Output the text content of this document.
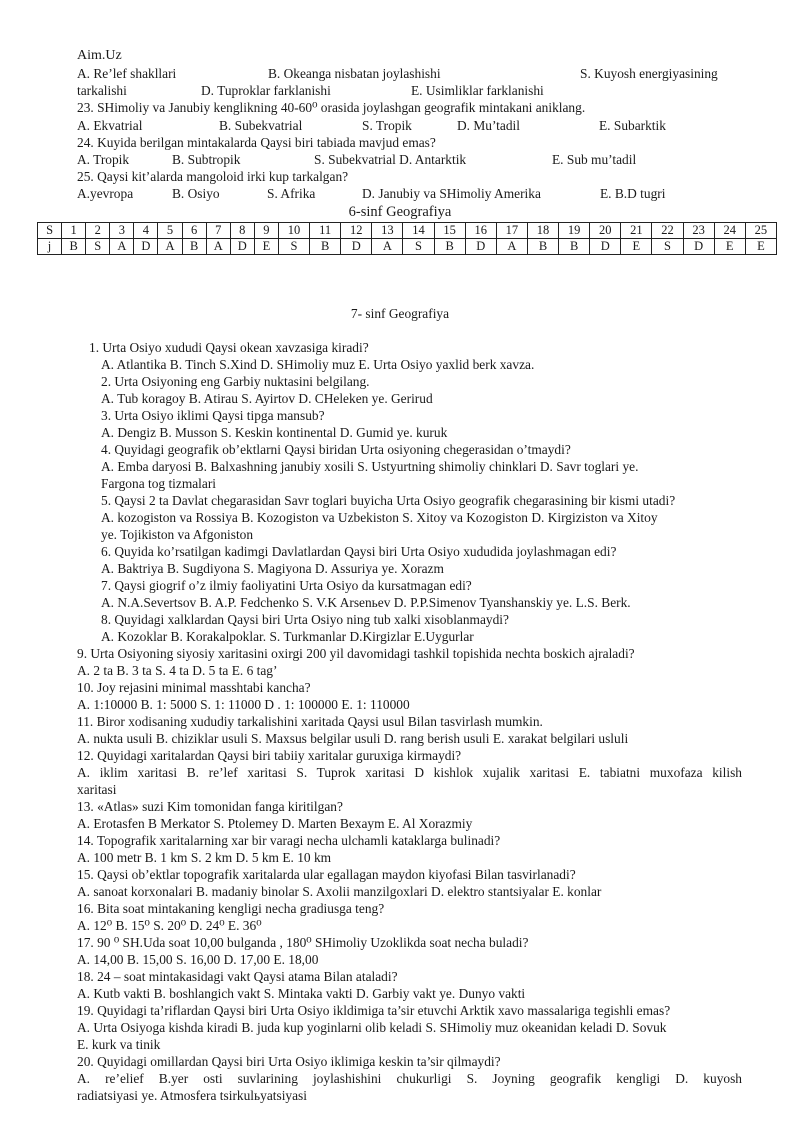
Aim.Uz
A. Re’lef shakllari	B. Okeanga nisbatan joylashishi	S. Kuyosh energiyasining
tarkalishi	D. Tuproklar farklanishi	E. Usimliklar farklanishi
23. SHimoliy va Janubiy kenglikning 40-60⁰ orasida joylashgan geografik mintakani aniklang.
A. Ekvatrial	B. Subekvatrial	S. Tropik	D. Mu’tadil	E. Subarktik
24. Kuyida berilgan mintakalarda Qaysi biri tabiada mavjud emas?
A. Tropik	B. Subtropik	S. Subekvatrial D. Antarktik	E. Sub mu’tadil
25. Qaysi kit’alarda mangoloid irki kup tarkalgan?
A.yevropa	B. Osiyo	S. Afrika	D. Janubiy va SHimoliy Amerika	E. B.D tugri
6-sinf Geografiya
S	1	2	3	4	5	6	7	8	9	10	11	12	13	14	15	16	17	18	19	20	21	22	23	24	25
j	B	S	A	D	A	B	A	D	E	S	B	D	A	S	B	D	A	B	B	D	E	S	D	E	E
7- sinf Geografiya
1. Urta Osiyo xududi Qaysi okean xavzasiga kiradi?
A. Atlantika B. Tinch S.Xind D. SHimoliy muz E. Urta Osiyo yaxlid berk xavza.
2. Urta Osiyoning eng Garbiy nuktasini belgilang.
A. Tub koragoy B. Atirau S. Ayirtov D. CHeleken ye. Gerirud
3. Urta Osiyo iklimi Qaysi tipga mansub?
A. Dengiz B. Musson S. Keskin kontinental D. Gumid ye. kuruk
4. Quyidagi geografik ob’ektlarni Qaysi biridan Urta osiyoning chegerasidan o’tmaydi?
A. Emba daryosi B. Balxashning janubiy xosili S. Ustyurtning shimoliy chinklari D. Savr toglari ye.
Fargona tog tizmalari
5. Qaysi 2 ta Davlat chegarasidan Savr toglari buyicha Urta Osiyo geografik chegarasining bir kismi utadi?
A. kozogiston va Rossiya B. Kozogiston va Uzbekiston S. Xitoy va Kozogiston D. Kirgiziston va Xitoy
ye. Tojikiston va Afgoniston
6. Quyida ko’rsatilgan kadimgi Davlatlardan Qaysi biri Urta Osiyo xududida joylashmagan edi?
A. Baktriya B. Sugdiyona S. Magiyona D. Assuriya ye. Xorazm
7. Qaysi giogrif o’z ilmiy faoliyatini Urta Osiyo da kursatmagan edi?
A. N.A.Severtsov B. A.P. Fedchenko S. V.K Arsenьev D. P.P.Simenov Tyanshanskiy ye. L.S. Berk.
8. Quyidagi xalklardan Qaysi biri Urta Osiyo ning tub xalki xisoblanmaydi?
A. Kozoklar B. Korakalpoklar. S. Turkmanlar D.Kirgizlar E.Uygurlar
9. Urta Osiyoning siyosiy xaritasini oxirgi 200 yil davomidagi tashkil topishida nechta boskich ajraladi?
A. 2 ta B. 3 ta S. 4 ta D. 5 ta E. 6 tag’
10. Joy rejasini minimal masshtabi kancha?
A. 1:10000 B. 1: 5000 S. 1: 11000 D . 1: 100000 E. 1: 110000
11. Biror xodisaning xududiy tarkalishini xaritada Qaysi usul Bilan tasvirlash mumkin.
A. nukta usuli B. chiziklar usuli S. Maxsus belgilar usuli D. rang berish usuli E. xarakat belgilari usluli
12. Quyidagi xaritalardan Qaysi biri tabiiy xaritalar guruxiga kirmaydi?
A. iklim xaritasi B. re’lef xaritasi S. Tuprok xaritasi D kishlok xujalik xaritasi E. tabiatni muxofaza kilish
xaritasi
13. «Atlas» suzi Kim tomonidan fanga kiritilgan?
A. Erotasfen B Merkator S. Ptolemey D. Marten Bexaym E. Al Xorazmiy
14. Topografik xaritalarning xar bir varagi necha ulchamli kataklarga bulinadi?
A. 100 metr B. 1 km S. 2 km D. 5 km E. 10 km
15. Qaysi ob’ektlar topografik xaritalarda ular egallagan maydon kiyofasi Bilan tasvirlanadi?
A. sanoat korxonalari B. madaniy binolar S. Axolii manzilgoxlari D. elektro stantsiyalar E. konlar
16. Bita soat mintakaning kengligi necha gradiusga teng?
A. 12⁰ B. 15⁰ S. 20⁰ D. 24⁰ E. 36⁰
17. 90 ⁰ SH.Uda soat 10,00 bulganda , 180⁰ SHimoliy Uzoklikda soat necha buladi?
A. 14,00 B. 15,00 S. 16,00 D. 17,00 E. 18,00
18. 24 – soat mintakasidagi vakt Qaysi atama Bilan ataladi?
A. Kutb vakti B. boshlangich vakt S. Mintaka vakti D. Garbiy vakt ye. Dunyo vakti
19. Quyidagi ta’riflardan Qaysi biri Urta Osiyo ikldimiga ta’sir etuvchi Arktik xavo massalariga tegishli emas?
A. Urta Osiyoga kishda kiradi B. juda kup yoginlarni olib keladi S. SHimoliy muz okeanidan keladi D. Sovuk
E. kurk va tinik
20. Quyidagi omillardan Qaysi biri Urta Osiyo iklimiga keskin ta’sir qilmaydi?
A. re’elief B.yer osti suvlarining joylashishini chukurligi S. Joyning geografik kengligi D. kuyosh
radiatsiyasi ye. Atmosfera tsirkulьyatsiyasi
